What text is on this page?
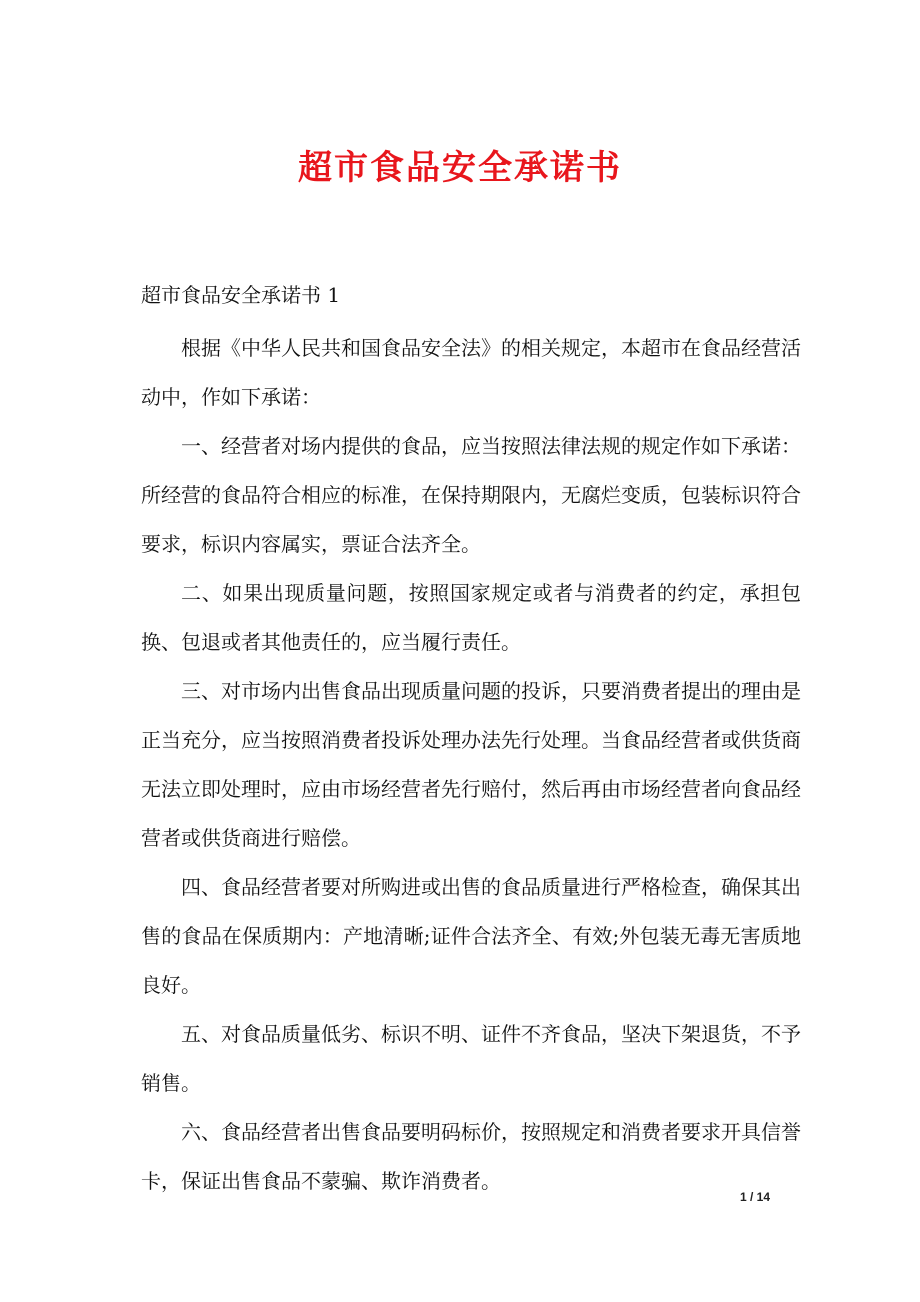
超市食品安全承诺书

超市食品安全承诺书 1

根据《中华人民共和国食品安全法》的相关规定，本超市在食品经营活动中，作如下承诺：

一、经营者对场内提供的食品，应当按照法律法规的规定作如下承诺：所经营的食品符合相应的标准，在保持期限内，无腐烂变质，包装标识符合要求，标识内容属实，票证合法齐全。

二、如果出现质量问题，按照国家规定或者与消费者的约定，承担包换、包退或者其他责任的，应当履行责任。

三、对市场内出售食品出现质量问题的投诉，只要消费者提出的理由是正当充分，应当按照消费者投诉处理办法先行处理。当食品经营者或供货商无法立即处理时，应由市场经营者先行赔付，然后再由市场经营者向食品经营者或供货商进行赔偿。

四、食品经营者要对所购进或出售的食品质量进行严格检查，确保其出售的食品在保质期内：产地清晰;证件合法齐全、有效;外包装无毒无害质地良好。

五、对食品质量低劣、标识不明、证件不齐食品，坚决下架退货，不予销售。

六、食品经营者出售食品要明码标价，按照规定和消费者要求开具信誉卡，保证出售食品不蒙骗、欺诈消费者。

1 / 14
